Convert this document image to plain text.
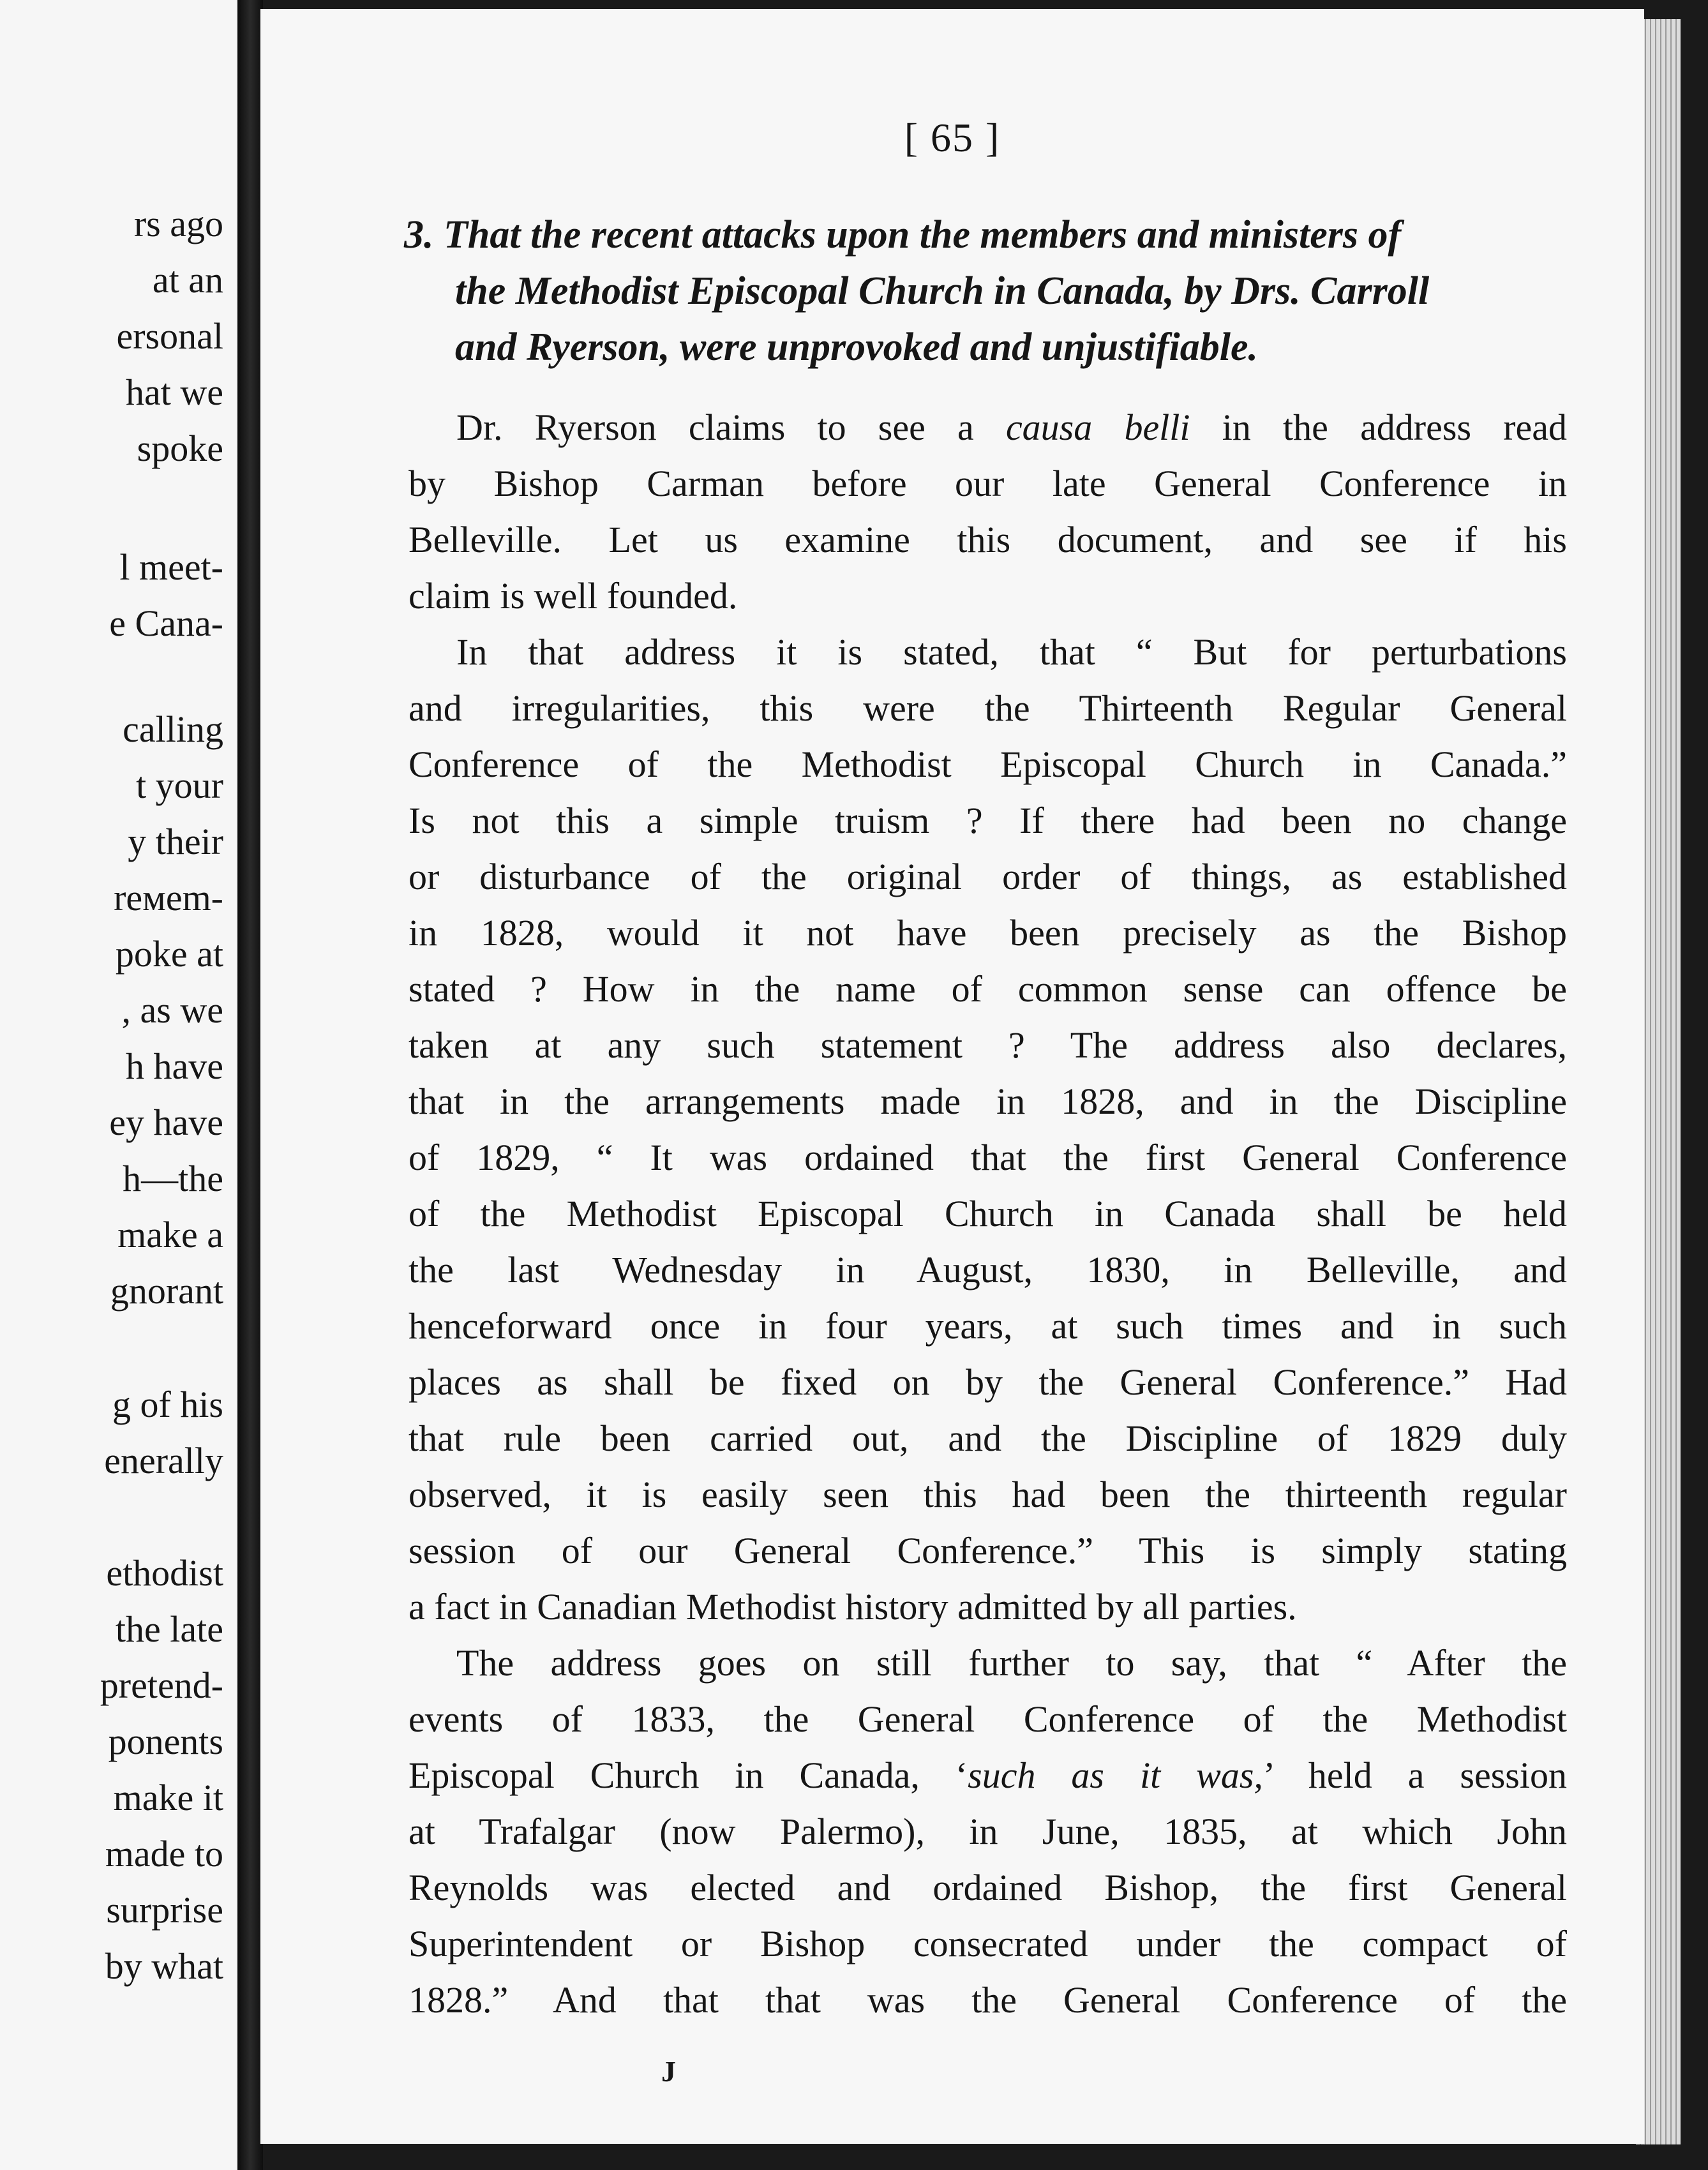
rs ago
at an
ersonal
hat we
spoke
l meet-
e Cana-
calling
t your
y their
reмem-
poke at
, as we
h have
ey have
h—the
make a
gnorant
g of his
enerally
ethodist
the late
pretend-
ponents
make it
made to
surprise
by what
[ 65 ]
3. That the recent attacks upon the members and ministers of
the Methodist Episcopal Church in Canada, by Drs. Carroll
and Ryerson, were unprovoked and unjustifiable.
Dr. Ryerson claims to see a causa belli in the address read
by Bishop Carman before our late General Conference in
Belleville. Let us examine this document, and see if his
claim is well founded.
In that address it is stated, that “ But for perturbations
and irregularities, this were the Thirteenth Regular General
Conference of the Methodist Episcopal Church in Canada.”
Is not this a simple truism ? If there had been no change
or disturbance of the original order of things, as established
in 1828, would it not have been precisely as the Bishop
stated ? How in the name of common sense can offence be
taken at any such statement ? The address also declares,
that in the arrangements made in 1828, and in the Discipline
of 1829, “ It was ordained that the first General Conference
of the Methodist Episcopal Church in Canada shall be held
the last Wednesday in August, 1830, in Belleville, and
henceforward once in four years, at such times and in such
places as shall be fixed on by the General Conference.” Had
that rule been carried out, and the Discipline of 1829 duly
observed, it is easily seen this had been the thirteenth regular
session of our General Conference.” This is simply stating
a fact in Canadian Methodist history admitted by all parties.
The address goes on still further to say, that “ After the
events of 1833, the General Conference of the Methodist
Episcopal Church in Canada, ‘such as it was,’ held a session
at Trafalgar (now Palermo), in June, 1835, at which John
Reynolds was elected and ordained Bishop, the first General
Superintendent or Bishop consecrated under the compact of
1828.” And that that was the General Conference of the
J
